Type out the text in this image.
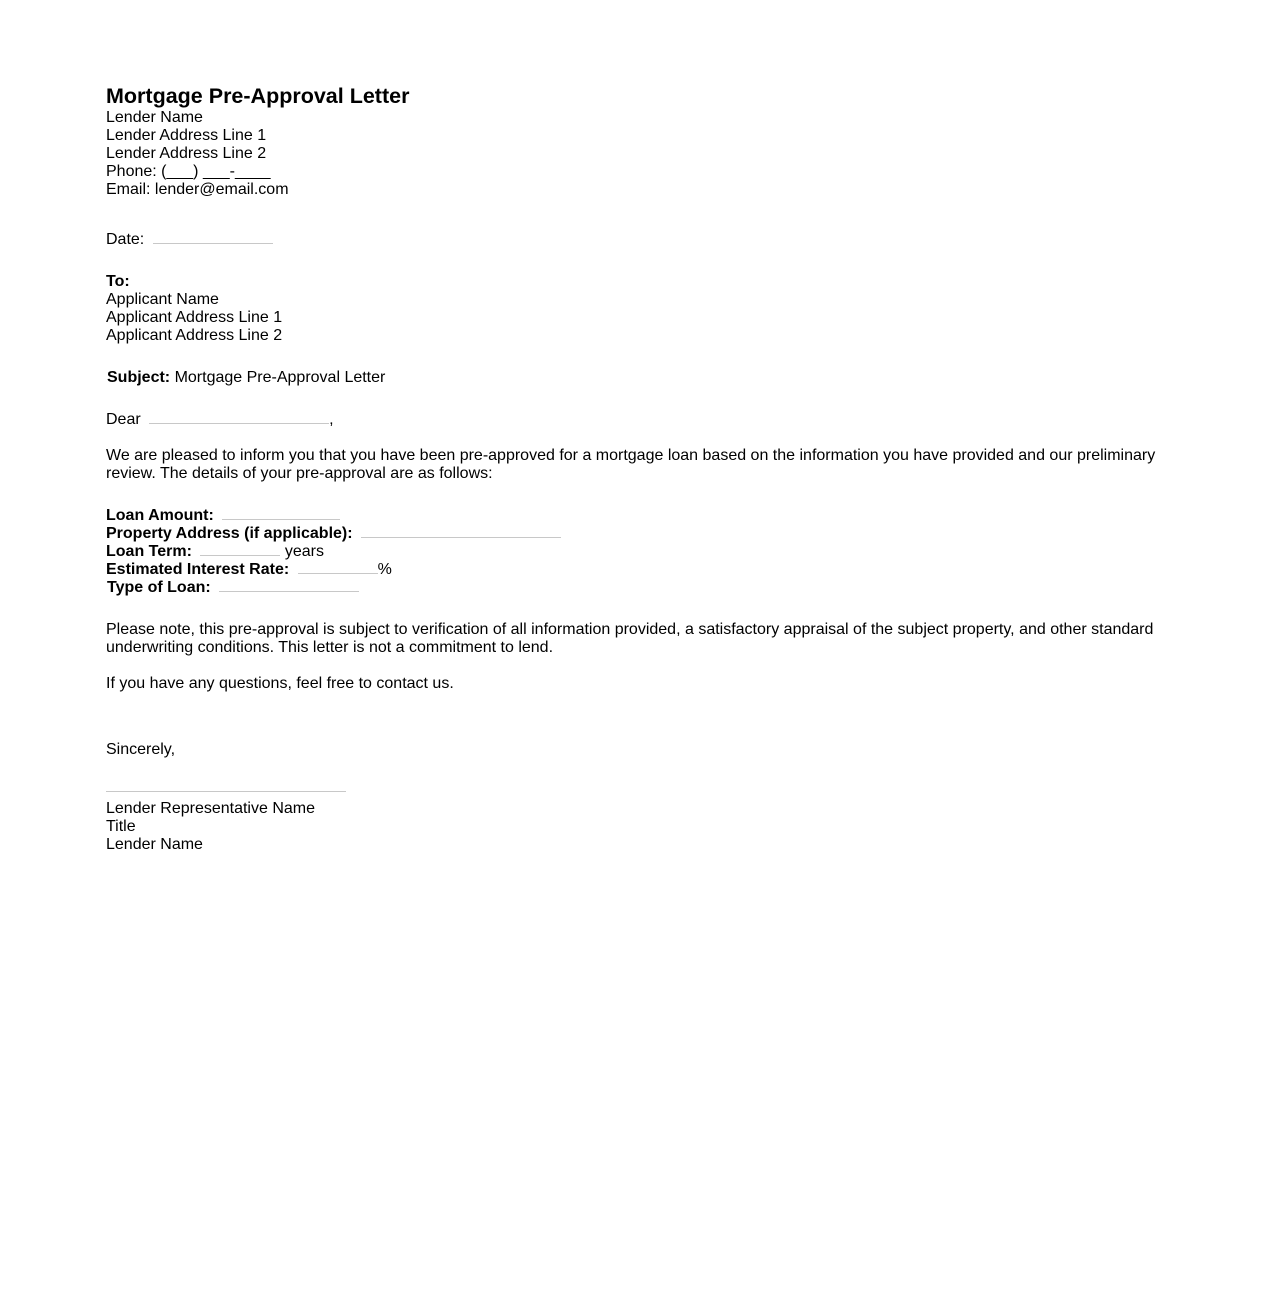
Mortgage Pre-Approval Letter
Lender Name
Lender Address Line 1
Lender Address Line 2
Phone: (___) ___-____
Email: lender@email.com
Date:
To:
Applicant Name
Applicant Address Line 1
Applicant Address Line 2
Subject: Mortgage Pre-Approval Letter
Dear	,

We are pleased to inform you that you have been pre-approved for a mortgage loan based on the information you have provided and our preliminary review. The details of your pre-approval are as follows:

Loan Amount:
Property Address (if applicable):
Loan Term:	years
Estimated Interest Rate:	%
Type of Loan:

Please note, this pre-approval is subject to verification of all information provided, a satisfactory appraisal of the subject property, and other standard underwriting conditions. This letter is not a commitment to lend.

If you have any questions, feel free to contact us.

Sincerely,
Lender Representative Name
Title
Lender Name
